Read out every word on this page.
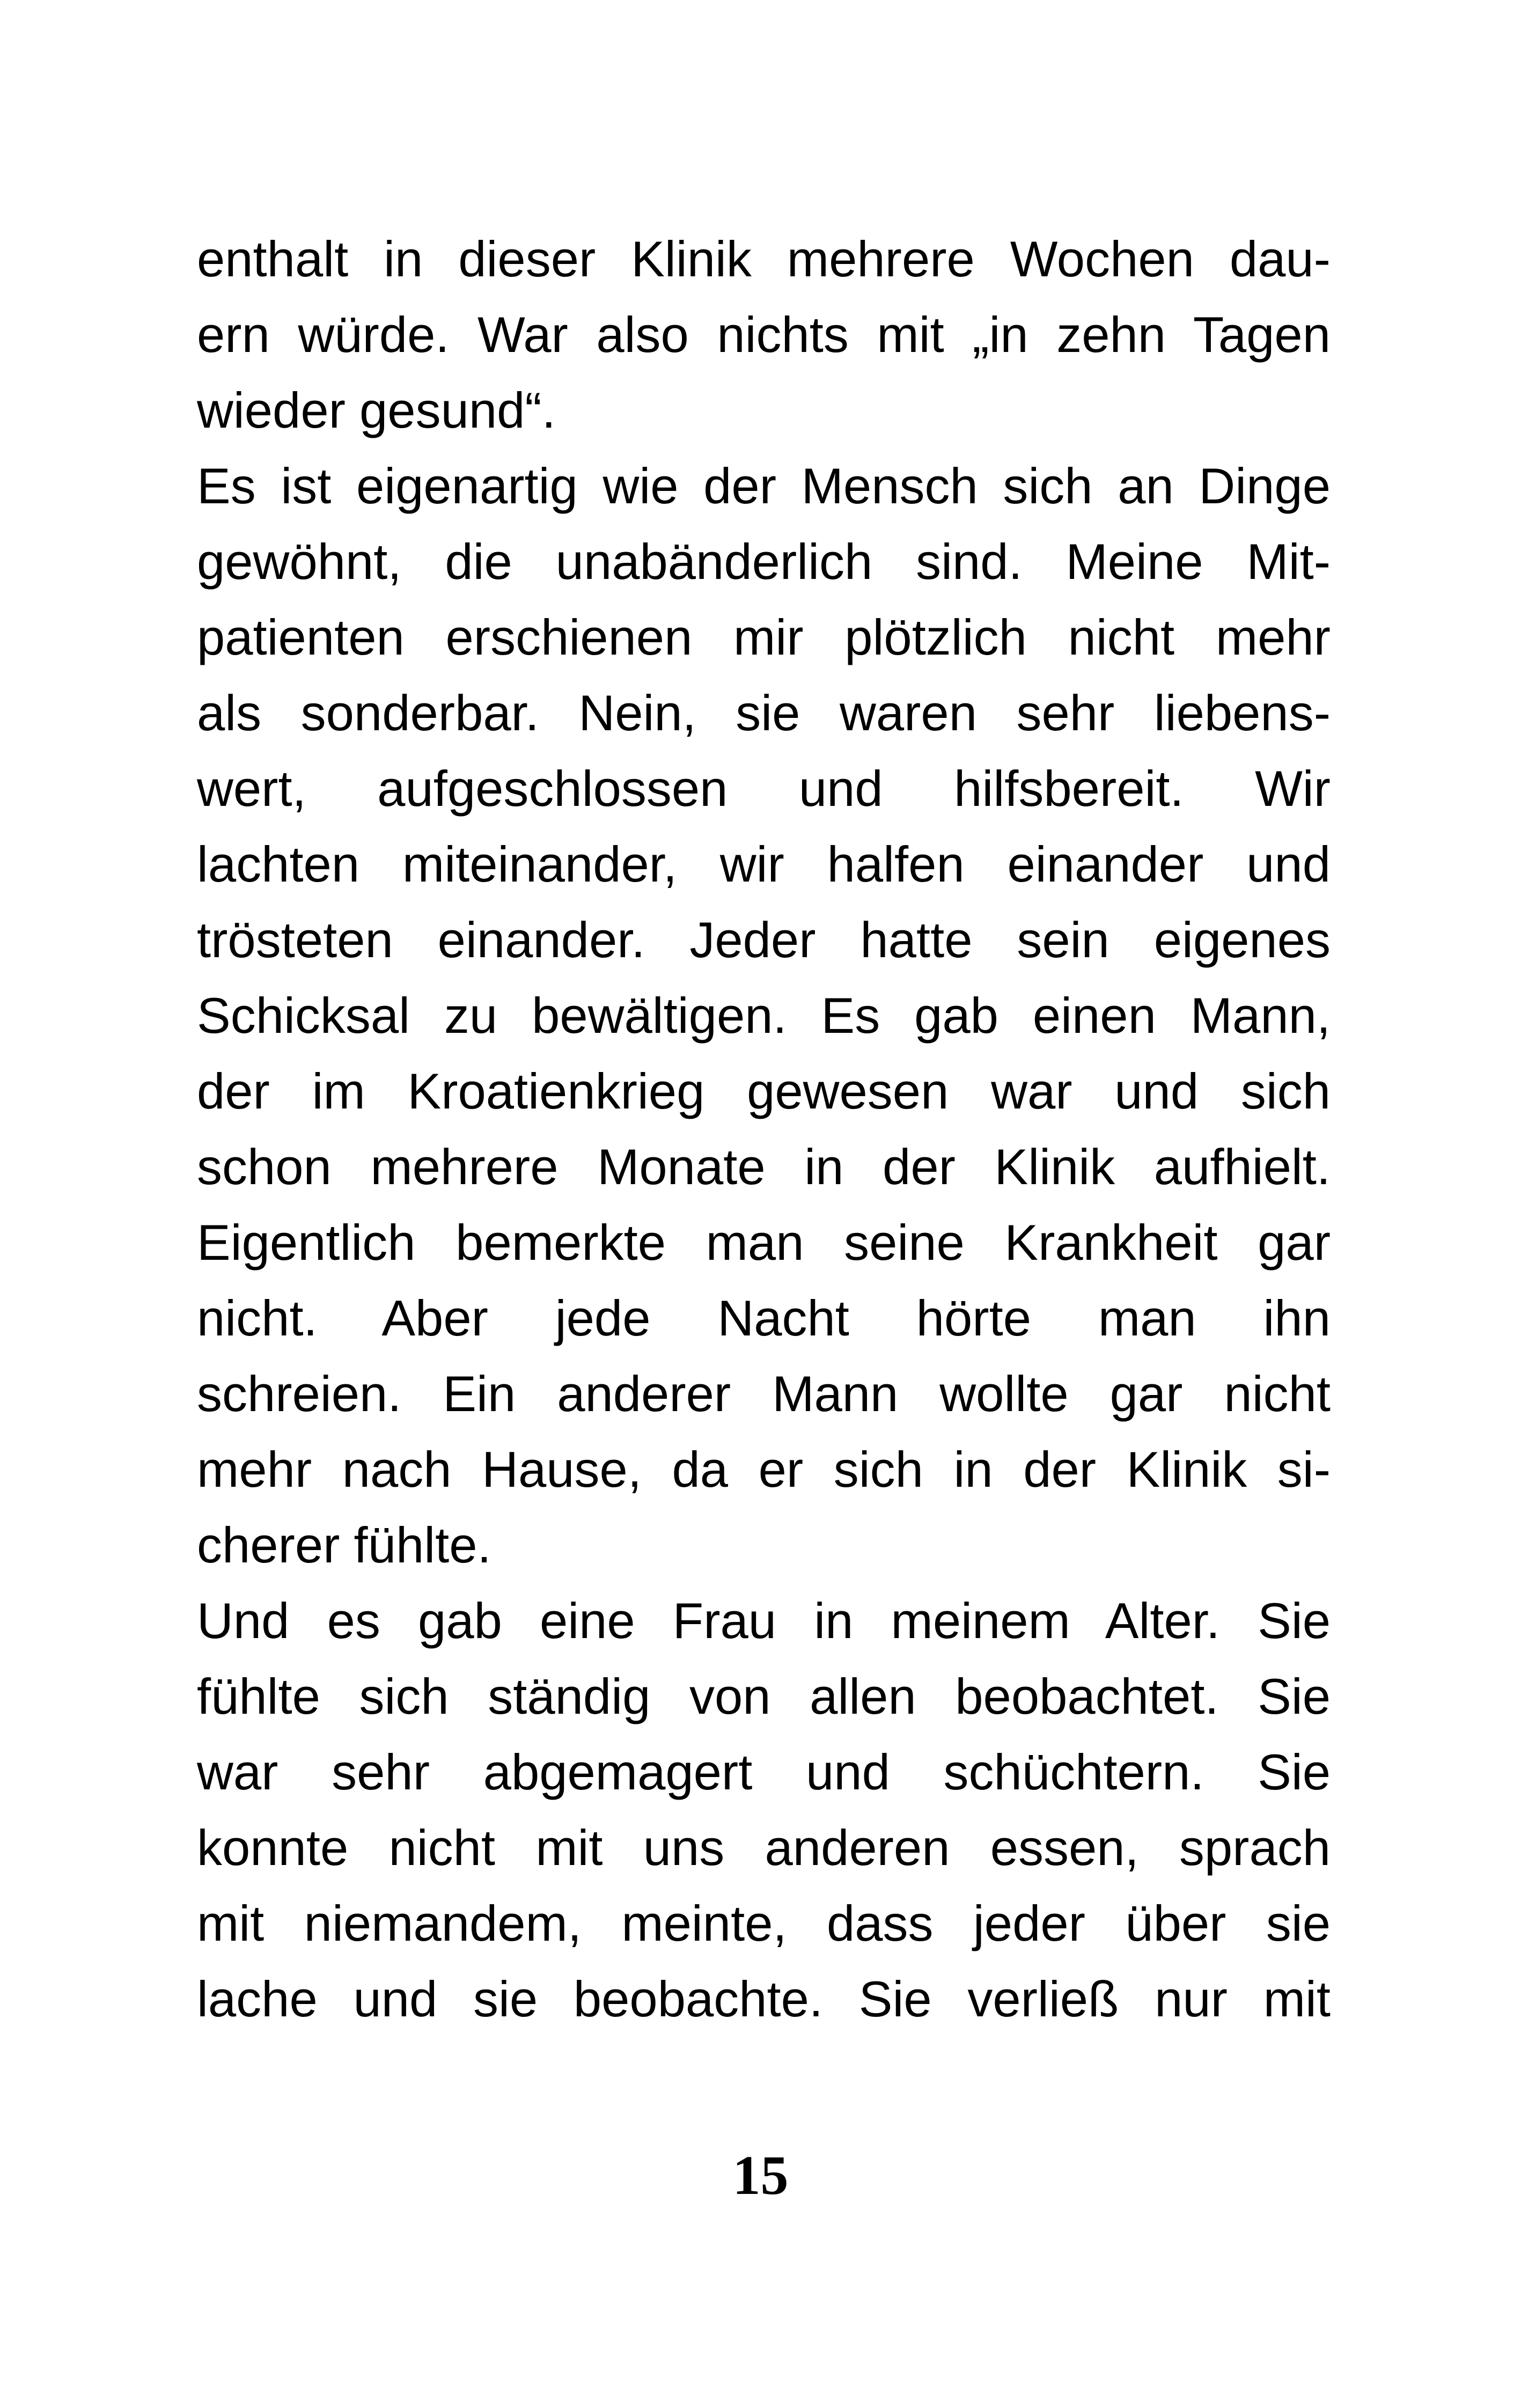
enthalt in dieser Klinik mehrere Wochen dau-
ern würde. War also nichts mit „in zehn Tagen
wieder gesund“.
Es ist eigenartig wie der Mensch sich an Dinge
gewöhnt, die unabänderlich sind. Meine Mit-
patienten erschienen mir plötzlich nicht mehr
als sonderbar. Nein, sie waren sehr liebens-
wert, aufgeschlossen und hilfsbereit. Wir
lachten miteinander, wir halfen einander und
trösteten einander. Jeder hatte sein eigenes
Schicksal zu bewältigen. Es gab einen Mann,
der im Kroatienkrieg gewesen war und sich
schon mehrere Monate in der Klinik aufhielt.
Eigentlich bemerkte man seine Krankheit gar
nicht. Aber jede Nacht hörte man ihn
schreien. Ein anderer Mann wollte gar nicht
mehr nach Hause, da er sich in der Klinik si-
cherer fühlte.
Und es gab eine Frau in meinem Alter. Sie
fühlte sich ständig von allen beobachtet. Sie
war sehr abgemagert und schüchtern. Sie
konnte nicht mit uns anderen essen, sprach
mit niemandem, meinte, dass jeder über sie
lache und sie beobachte. Sie verließ nur mit
15
